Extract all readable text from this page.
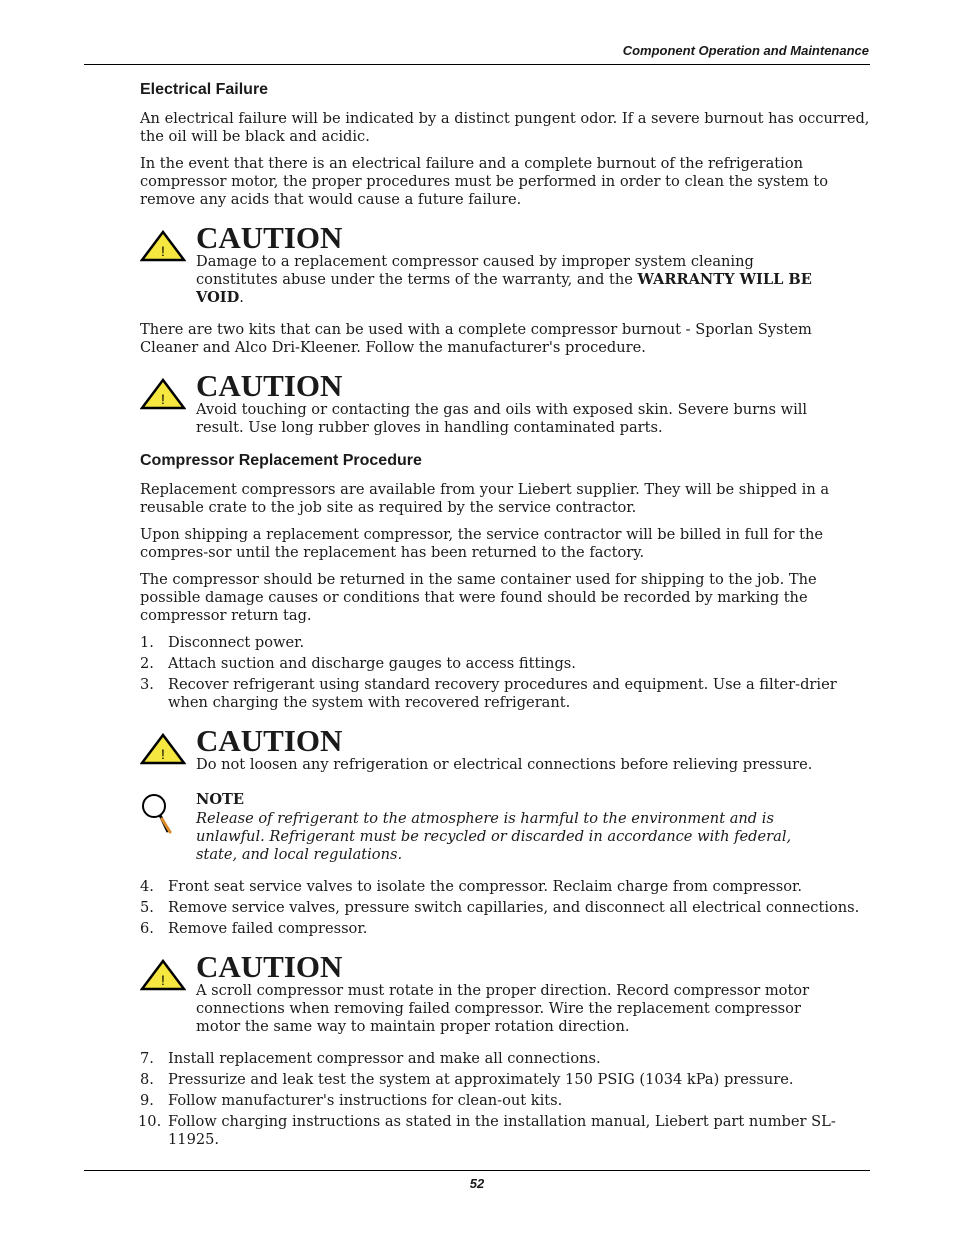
Component Operation and Maintenance
Electrical Failure

An electrical failure will be indicated by a distinct pungent odor. If a severe burnout has occurred, the oil will be black and acidic.

In the event that there is an electrical failure and a complete burnout of the refrigeration compressor motor, the proper procedures must be performed in order to clean the system to remove any acids that would cause a future failure.

! CAUTION
Damage to a replacement compressor caused by improper system cleaning constitutes abuse under the terms of the warranty, and the WARRANTY WILL BE VOID.

There are two kits that can be used with a complete compressor burnout - Sporlan System Cleaner and Alco Dri-Kleener. Follow the manufacturer's procedure.

! CAUTION
Avoid touching or contacting the gas and oils with exposed skin. Severe burns will result. Use long rubber gloves in handling contaminated parts.
Compressor Replacement Procedure

Replacement compressors are available from your Liebert supplier. They will be shipped in a reusable crate to the job site as required by the service contractor.

Upon shipping a replacement compressor, the service contractor will be billed in full for the compres-sor until the replacement has been returned to the factory.

The compressor should be returned in the same container used for shipping to the job. The possible damage causes or conditions that were found should be recorded by marking the compressor return tag.

1. Disconnect power.
2. Attach suction and discharge gauges to access fittings.
3. Recover refrigerant using standard recovery procedures and equipment. Use a filter-drier when charging the system with recovered refrigerant.
! CAUTION
Do not loosen any refrigeration or electrical connections before relieving pressure.
NOTE
Release of refrigerant to the atmosphere is harmful to the environment and is unlawful. Refrigerant must be recycled or discarded in accordance with federal, state, and local regulations.
4. Front seat service valves to isolate the compressor. Reclaim charge from compressor.
5. Remove service valves, pressure switch capillaries, and disconnect all electrical connections.
6. Remove failed compressor.
! CAUTION
A scroll compressor must rotate in the proper direction. Record compressor motor connections when removing failed compressor. Wire the replacement compressor motor the same way to maintain proper rotation direction.
7. Install replacement compressor and make all connections.
8. Pressurize and leak test the system at approximately 150 PSIG (1034 kPa) pressure.
9. Follow manufacturer's instructions for clean-out kits.
10. Follow charging instructions as stated in the installation manual, Liebert part number SL-11925.
52
